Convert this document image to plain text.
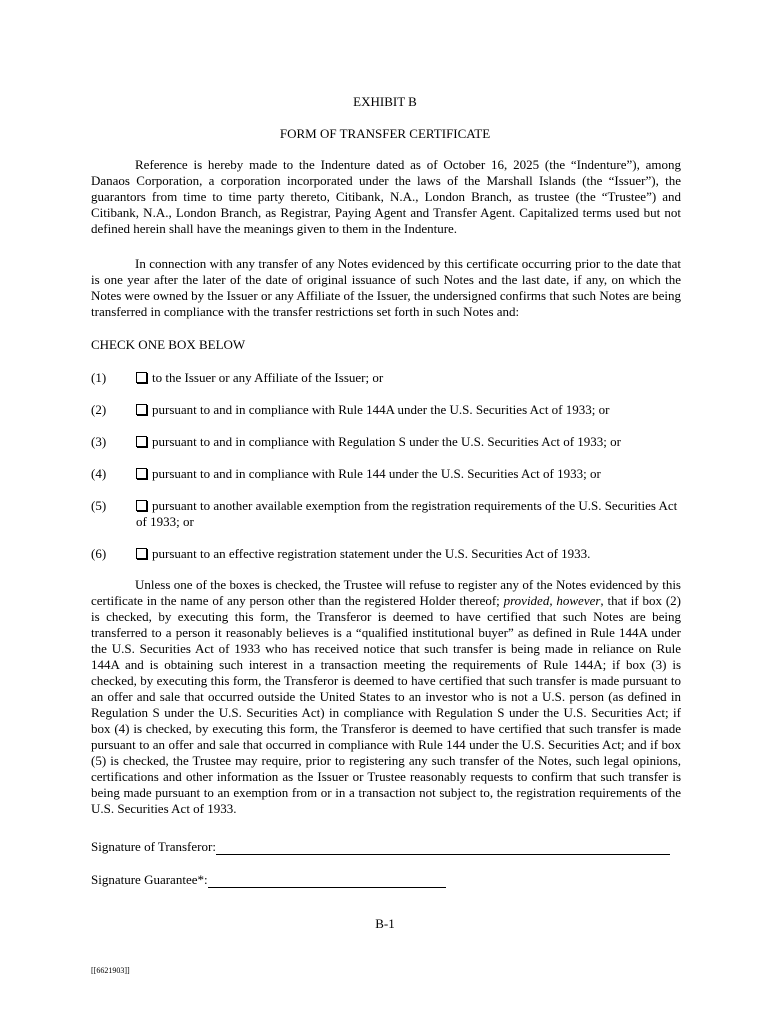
EXHIBIT B
FORM OF TRANSFER CERTIFICATE
Reference is hereby made to the Indenture dated as of October 16, 2025 (the “Indenture”), among Danaos Corporation, a corporation incorporated under the laws of the Marshall Islands (the “Issuer”), the guarantors from time to time party thereto, Citibank, N.A., London Branch, as trustee (the “Trustee”) and Citibank, N.A., London Branch, as Registrar, Paying Agent and Transfer Agent. Capitalized terms used but not defined herein shall have the meanings given to them in the Indenture.
In connection with any transfer of any Notes evidenced by this certificate occurring prior to the date that is one year after the later of the date of original issuance of such Notes and the last date, if any, on which the Notes were owned by the Issuer or any Affiliate of the Issuer, the undersigned confirms that such Notes are being transferred in compliance with the transfer restrictions set forth in such Notes and:
CHECK ONE BOX BELOW
(1)	to the Issuer or any Affiliate of the Issuer; or
(2)	pursuant to and in compliance with Rule 144A under the U.S. Securities Act of 1933; or
(3)	pursuant to and in compliance with Regulation S under the U.S. Securities Act of 1933; or
(4)	pursuant to and in compliance with Rule 144 under the U.S. Securities Act of 1933; or
(5)	pursuant to another available exemption from the registration requirements of the U.S. Securities Act of 1933; or
(6)	pursuant to an effective registration statement under the U.S. Securities Act of 1933.
Unless one of the boxes is checked, the Trustee will refuse to register any of the Notes evidenced by this certificate in the name of any person other than the registered Holder thereof; provided, however, that if box (2) is checked, by executing this form, the Transferor is deemed to have certified that such Notes are being transferred to a person it reasonably believes is a “qualified institutional buyer” as defined in Rule 144A under the U.S. Securities Act of 1933 who has received notice that such transfer is being made in reliance on Rule 144A and is obtaining such interest in a transaction meeting the requirements of Rule 144A; if box (3) is checked, by executing this form, the Transferor is deemed to have certified that such transfer is made pursuant to an offer and sale that occurred outside the United States to an investor who is not a U.S. person (as defined in Regulation S under the U.S. Securities Act) in compliance with Regulation S under the U.S. Securities Act; if box (4) is checked, by executing this form, the Transferor is deemed to have certified that such transfer is made pursuant to an offer and sale that occurred in compliance with Rule 144 under the U.S. Securities Act; and if box (5) is checked, the Trustee may require, prior to registering any such transfer of the Notes, such legal opinions, certifications and other information as the Issuer or Trustee reasonably requests to confirm that such transfer is being made pursuant to an exemption from or in a transaction not subject to, the registration requirements of the U.S. Securities Act of 1933.
Signature of Transferor:
Signature Guarantee*:
B-1
[[6621903]]
